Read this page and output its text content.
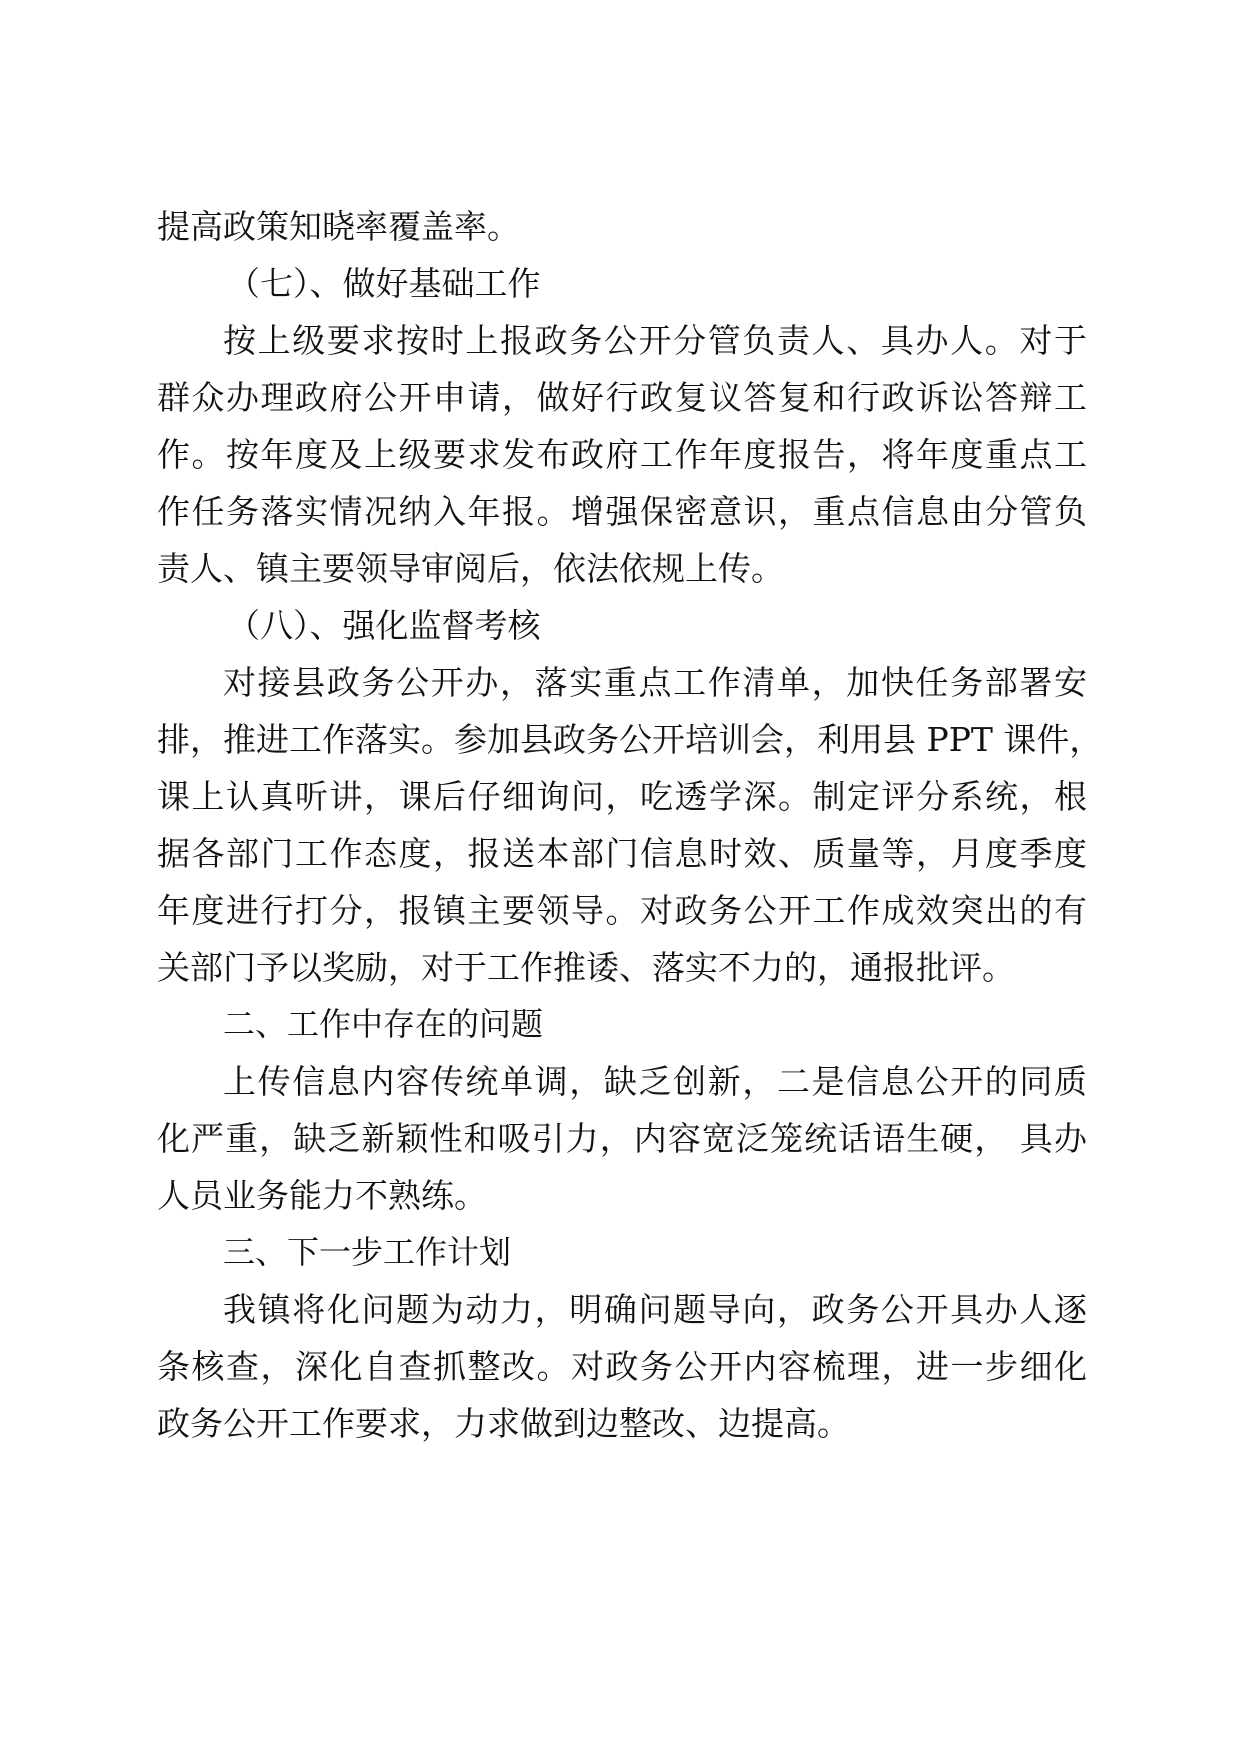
提高政策知晓率覆盖率。
（七）、做好基础工作
按上级要求按时上报政务公开分管负责人、具办人。对于
群众办理政府公开申请，做好行政复议答复和行政诉讼答辩工
作。按年度及上级要求发布政府工作年度报告，将年度重点工
作任务落实情况纳入年报。增强保密意识，重点信息由分管负
责人、镇主要领导审阅后，依法依规上传。
（八）、强化监督考核
对接县政务公开办，落实重点工作清单，加快任务部署安
排，推进工作落实。参加县政务公开培训会，利用县 PPT 课件，
课上认真听讲，课后仔细询问，吃透学深。制定评分系统，根
据各部门工作态度，报送本部门信息时效、质量等，月度季度
年度进行打分，报镇主要领导。对政务公开工作成效突出的有
关部门予以奖励，对于工作推诿、落实不力的，通报批评。
二、工作中存在的问题
上传信息内容传统单调，缺乏创新，二是信息公开的同质
化严重，缺乏新颖性和吸引力，内容宽泛笼统话语生硬， 具办
人员业务能力不熟练。
三、下一步工作计划
我镇将化问题为动力，明确问题导向，政务公开具办人逐
条核查，深化自查抓整改。对政务公开内容梳理，进一步细化
政务公开工作要求，力求做到边整改、边提高。
